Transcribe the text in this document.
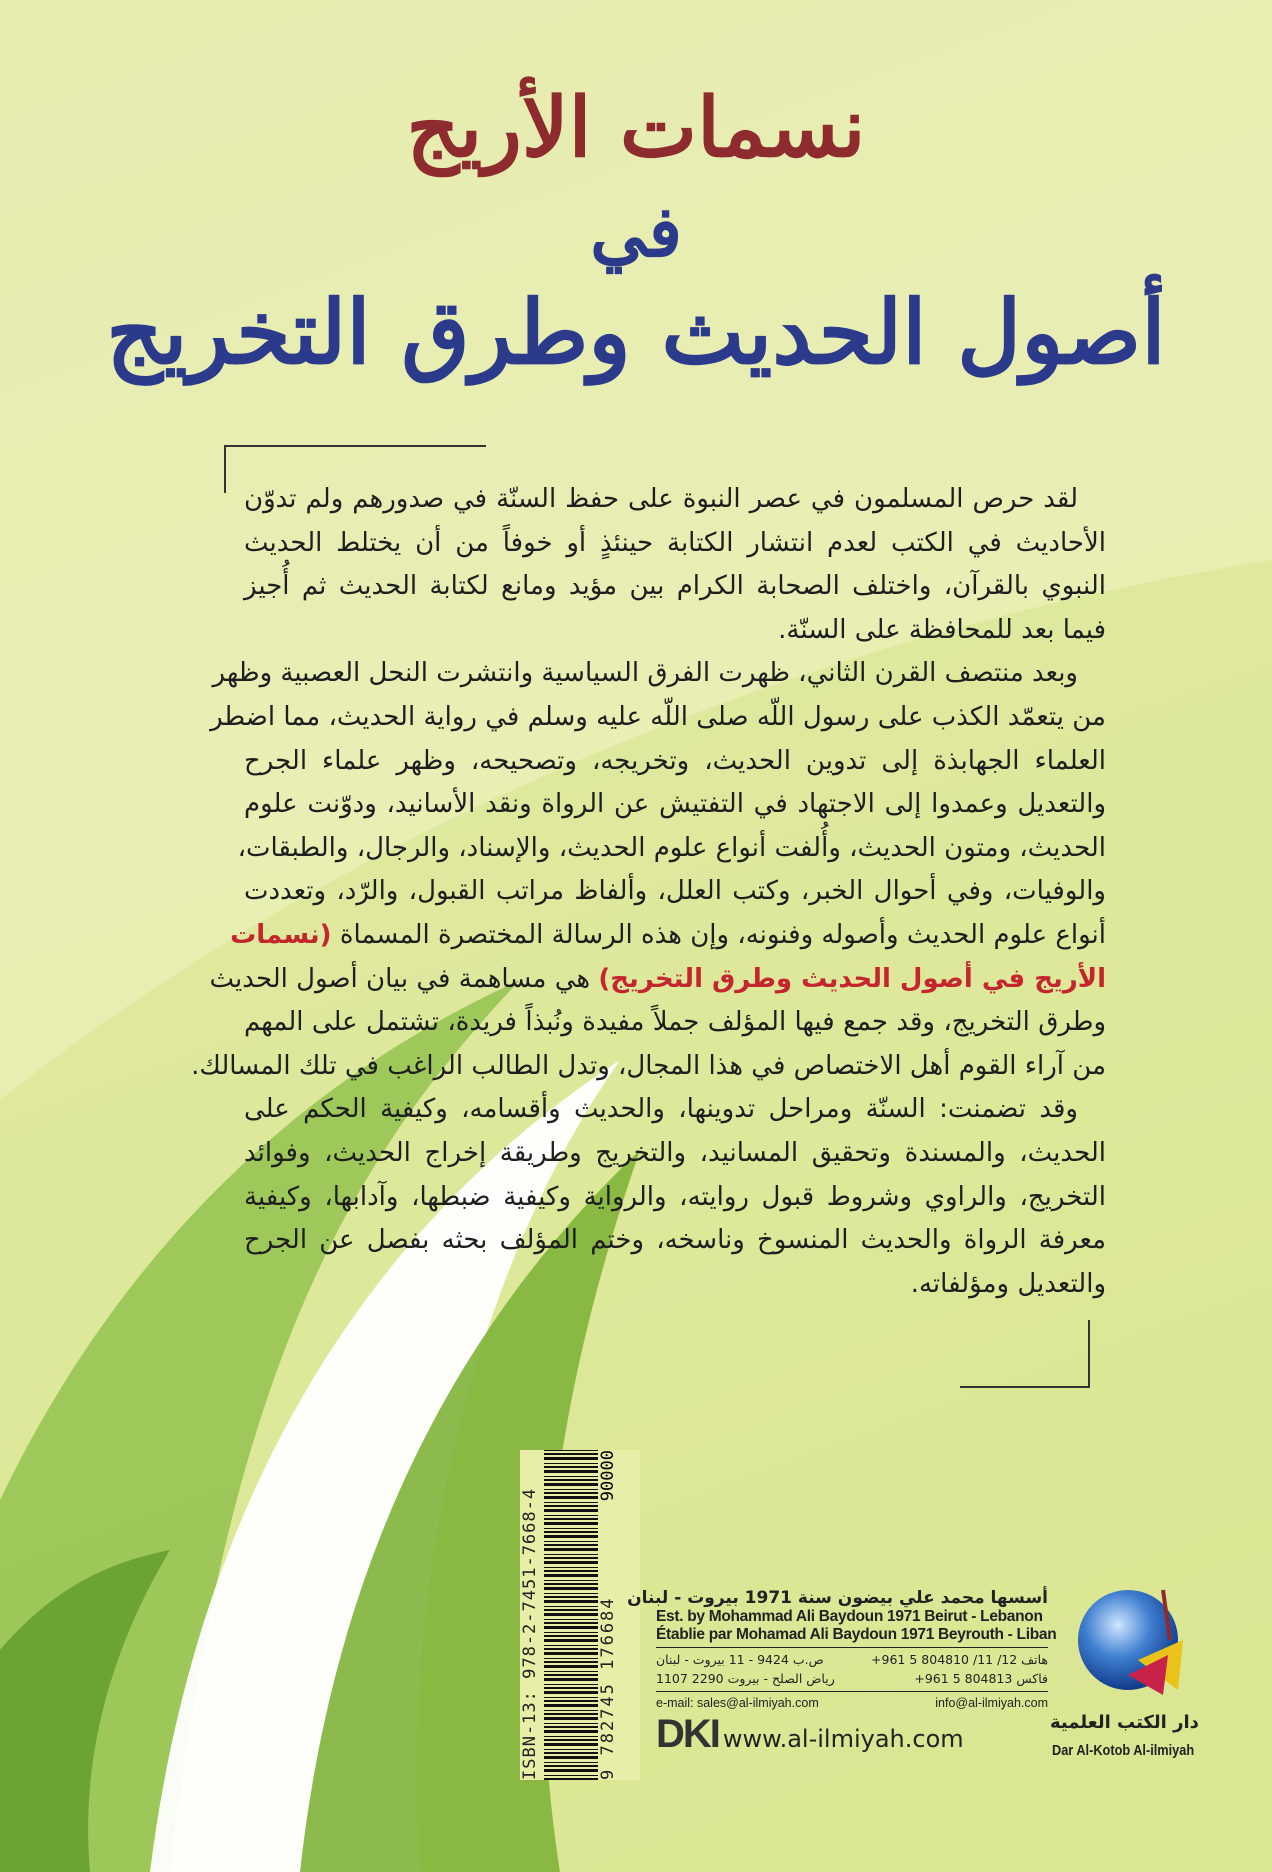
نسمات الأريج
في
أصول الحديث وطرق التخريج
لقد حرص المسلمون في عصر النبوة على حفظ السنّة في صدورهم ولم تدوّن
الأحاديث في الكتب لعدم انتشار الكتابة حينئذٍ أو خوفاً من أن يختلط الحديث
النبوي بالقرآن، واختلف الصحابة الكرام بين مؤيد ومانع لكتابة الحديث ثم أُجيز
فيما بعد للمحافظة على السنّة.
وبعد منتصف القرن الثاني، ظهرت الفرق السياسية وانتشرت النحل العصبية وظهر
من يتعمّد الكذب على رسول اللّه صلى اللّه عليه وسلم في رواية الحديث، مما اضطر
العلماء الجهابذة إلى تدوين الحديث، وتخريجه، وتصحيحه، وظهر علماء الجرح
والتعديل وعمدوا إلى الاجتهاد في التفتيش عن الرواة ونقد الأسانيد، ودوّنت علوم
الحديث، ومتون الحديث، وأُلفت أنواع علوم الحديث، والإسناد، والرجال، والطبقات،
والوفيات، وفي أحوال الخبر، وكتب العلل، وألفاظ مراتب القبول، والرّد، وتعددت
أنواع علوم الحديث وأصوله وفنونه، وإن هذه الرسالة المختصرة المسماة (نسمات
الأريج في أصول الحديث وطرق التخريج) هي مساهمة في بيان أصول الحديث
وطرق التخريج، وقد جمع فيها المؤلف جملاً مفيدة ونُبذاً فريدة، تشتمل على المهم
من آراء القوم أهل الاختصاص في هذا المجال، وتدل الطالب الراغب في تلك المسالك.
وقد تضمنت: السنّة ومراحل تدوينها، والحديث وأقسامه، وكيفية الحكم على
الحديث، والمسندة وتحقيق المسانيد، والتخريج وطريقة إخراج الحديث، وفوائد
التخريج، والراوي وشروط قبول روايته، والرواية وكيفية ضبطها، وآدابها، وكيفية
معرفة الرواة والحديث المنسوخ وناسخه، وختم المؤلف بحثه بفصل عن الجرح
والتعديل ومؤلفاته.
ISBN-13: 978-2-7451-7668-4	9 782745 176684
90000
أسسها محمد علي بيضون سنة 1971 بيروت - لبنان
Est. by Mohammad Ali Baydoun 1971 Beirut - Lebanon
Établie par Mohamad Ali Baydoun 1971 Beyrouth - Liban
هاتف 12/ 11/ 804810 5 961+
ص.ب 9424 - 11 بيروت - لبنان
فاكس 804813 5 961+
رياض الصلح - بيروت 2290 1107
e-mail: sales@al-ilmiyah.com	info@al-ilmiyah.com
DKI www.al-ilmiyah.com
دار الكتب العلمية
Dar Al-Kotob Al-ilmiyah
